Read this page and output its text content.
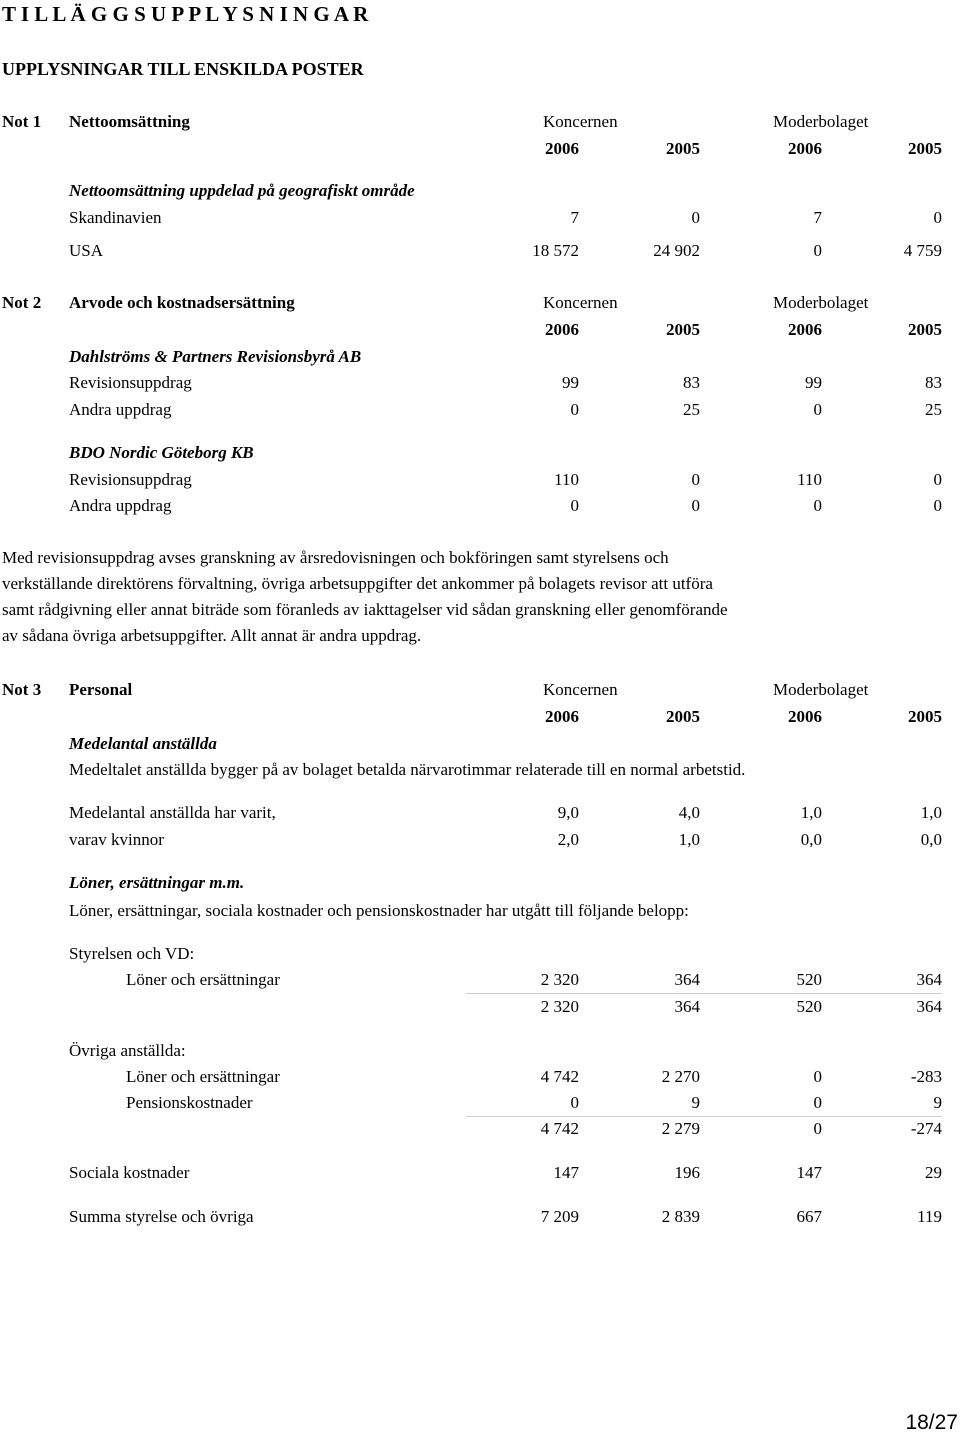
T I L L Ä G G S U P P L Y S N I N G A R
UPPLYSNINGAR TILL ENSKILDA POSTER
Not 1 Nettoomsättning	Koncernen	Moderbolaget
2006	2005	2006	2005
Nettoomsättning uppdelad på geografiskt område
Skandinavien	7	0	7	0
USA	18 572	24 902	0	4 759
Not 2 Arvode och kostnadsersättning	Koncernen	Moderbolaget
2006	2005	2006	2005
Dahlströms & Partners Revisionsbyrå AB
Revisionsuppdrag	99	83	99	83
Andra uppdrag	0	25	0	25
BDO Nordic Göteborg KB
Revisionsuppdrag	110	0	110	0
Andra uppdrag	0	0	0	0
Med revisionsuppdrag avses granskning av årsredovisningen och bokföringen samt styrelsens och
verkställande direktörens förvaltning, övriga arbetsuppgifter det ankommer på bolagets revisor att utföra
samt rådgivning eller annat biträde som föranleds av iakttagelser vid sådan granskning eller genomförande
av sådana övriga arbetsuppgifter. Allt annat är andra uppdrag.
Not 3 Personal	Koncernen	Moderbolaget
2006	2005	2006	2005
Medelantal anställda
Medeltalet anställda bygger på av bolaget betalda närvarotimmar relaterade till en normal arbetstid.
Medelantal anställda har varit,	9,0	4,0	1,0	1,0
varav kvinnor	2,0	1,0	0,0	0,0
Löner, ersättningar m.m.
Löner, ersättningar, sociala kostnader och pensionskostnader har utgått till följande belopp:
Styrelsen och VD:
Löner och ersättningar	2 320	364	520	364
2 320	364	520	364
Övriga anställda:
Löner och ersättningar	4 742	2 270	0	-283
Pensionskostnader	0	9	0	9
4 742	2 279	0	-274
Sociala kostnader	147	196	147	29
Summa styrelse och övriga	7 209	2 839	667	119
18/27
